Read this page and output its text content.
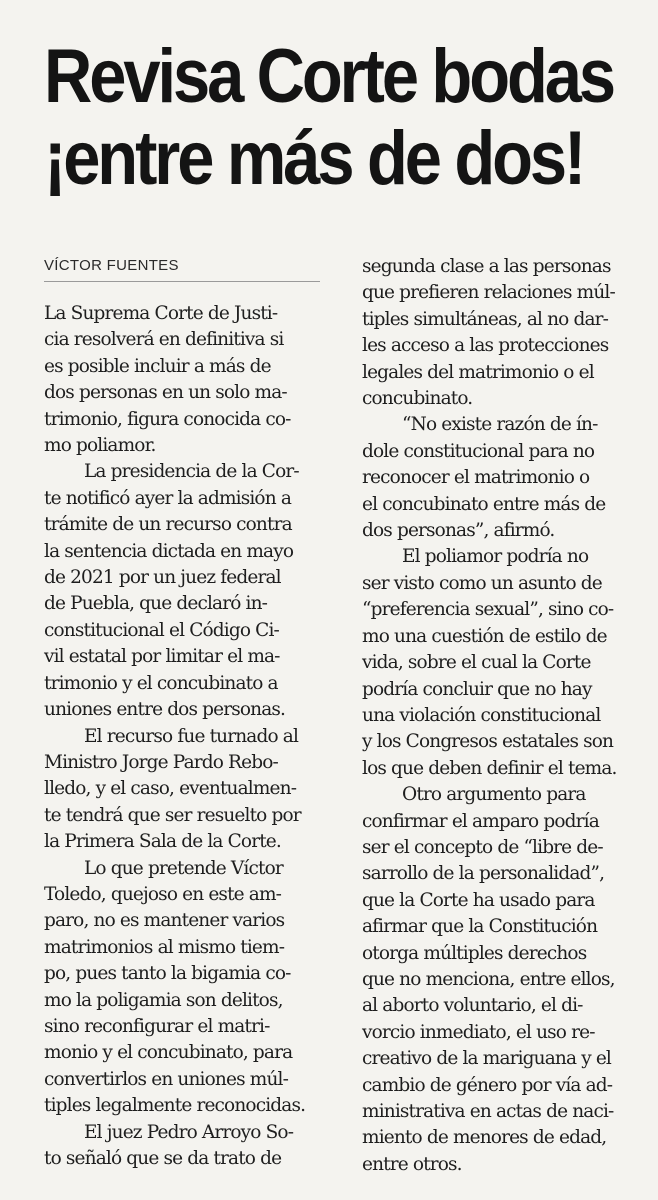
Revisa Corte bodas
¡entre más de dos!
VÍCTOR FUENTES
La Suprema Corte de Justi-
cia resolverá en definitiva si
es posible incluir a más de
dos personas en un solo ma-
trimonio, figura conocida co-
mo poliamor.
La presidencia de la Cor-
te notificó ayer la admisión a
trámite de un recurso contra
la sentencia dictada en mayo
de 2021 por un juez federal
de Puebla, que declaró in-
constitucional el Código Ci-
vil estatal por limitar el ma-
trimonio y el concubinato a
uniones entre dos personas.
El recurso fue turnado al
Ministro Jorge Pardo Rebo-
lledo, y el caso, eventualmen-
te tendrá que ser resuelto por
la Primera Sala de la Corte.
Lo que pretende Víctor
Toledo, quejoso en este am-
paro, no es mantener varios
matrimonios al mismo tiem-
po, pues tanto la bigamia co-
mo la poligamia son delitos,
sino reconfigurar el matri-
monio y el concubinato, para
convertirlos en uniones múl-
tiples legalmente reconocidas.
El juez Pedro Arroyo So-
to señaló que se da trato de
segunda clase a las personas
que prefieren relaciones múl-
tiples simultáneas, al no dar-
les acceso a las protecciones
legales del matrimonio o el
concubinato.
“No existe razón de ín-
dole constitucional para no
reconocer el matrimonio o
el concubinato entre más de
dos personas”, afirmó.
El poliamor podría no
ser visto como un asunto de
“preferencia sexual”, sino co-
mo una cuestión de estilo de
vida, sobre el cual la Corte
podría concluir que no hay
una violación constitucional
y los Congresos estatales son
los que deben definir el tema.
Otro argumento para
confirmar el amparo podría
ser el concepto de “libre de-
sarrollo de la personalidad”,
que la Corte ha usado para
afirmar que la Constitución
otorga múltiples derechos
que no menciona, entre ellos,
al aborto voluntario, el di-
vorcio inmediato, el uso re-
creativo de la mariguana y el
cambio de género por vía ad-
ministrativa en actas de naci-
miento de menores de edad,
entre otros.
